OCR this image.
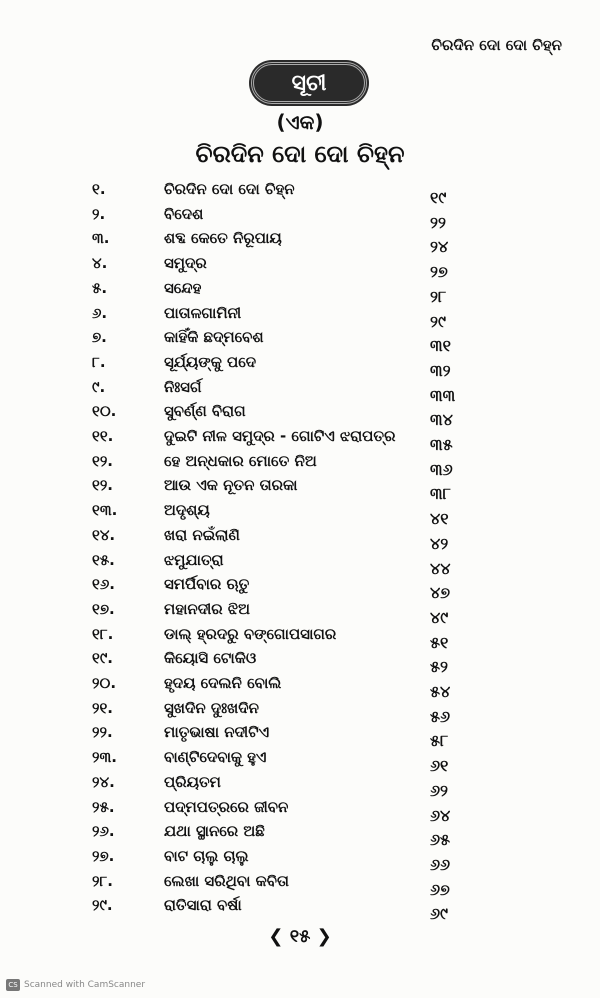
ଚିରଦିନ ଦୋ ଦୋ ଚିହ୍ନ
ସୂଚୀ
(ଏକ)
ଚିରଦିନ ଦୋ ଦୋ ଚିହ୍ନ
୧.	ଚିରଦିନ ଦୋ ଦୋ ଚିହ୍ନ	୧୯
୨.	ବିଦେଶ	୨୨
୩.	ଶବ୍ଦ କେତେ ନିରୂପାୟ	୨୪
୪.	ସମୁଦ୍ର	୨୭
୫.	ସନ୍ଦେହ	୨୮
୬.	ପାତାଳଗାମିନୀ	୨୯
୭.	କାହିଁକି ଛଦ୍ମବେଶ	୩୧
୮.	ସୂର୍ଯ୍ୟଙ୍କୁ ପଦେ	୩୨
୯.	ନିଃସର୍ଗ	୩୩
୧୦.	ସୁବର୍ଣ୍ଣ ବିରାଗ	୩୪
୧୧.	ଦୁଇଟି ନୀଳ ସମୁଦ୍ର - ଗୋଟିଏ ଝରାପତ୍ର ୩୫
୧୨.	ହେ ଅନ୍ଧକାର ମୋତେ ନିଅ	୩୬
୧୨.	ଆଉ ଏକ ନୂତନ ତାରକା	୩୮
୧୩.	ଅଦୃଶ୍ୟ	୪୧
୧୪.	ଖରା ନଇଁଲାଣି	୪୨
୧୫.	ଝମୁଯାତ୍ରା	୪୪
୧୬.	ସମର୍ପିବାର ଋତୁ	୪୭
୧୭.	ମହାନଦୀର ଝିଅ	୪୯
୧୮.	ଡାଲ୍ ହ୍ରଦରୁ ବଙ୍ଗୋପସାଗର	୫୧
୧୯.	କିୟୋସି ଟୋକିଓ	୫୨
୨୦.	ହୃଦୟ ଦେଲନି ବୋଲି	୫୪
୨୧.	ସୁଖଦିନ ଦୁଃଖଦିନ	୫୬
୨୨.	ମାତୃଭାଷା ନଦୀଟିଏ	୫୮
୨୩.	ବାଣ୍ଟିଦେବାକୁ ହୁଏ	୬୧
୨୪.	ପ୍ରିୟତମ	୬୨
୨୫.	ପଦ୍ମପତ୍ରରେ ଜୀବନ	୬୪
୨୬.	ଯଥା ସ୍ଥାନରେ ଅଛି	୬୫
୨୭.	ବାଟ ଚାଲୁ ଚାଲୁ	୬୬
୨୮.	ଲେଖା ସରିଥିବା କବିତା	୬୭
୨୯.	ରାତିସାରା ବର୍ଷା	୬୯
❮ ୧୫ ❯
CS Scanned with CamScanner
